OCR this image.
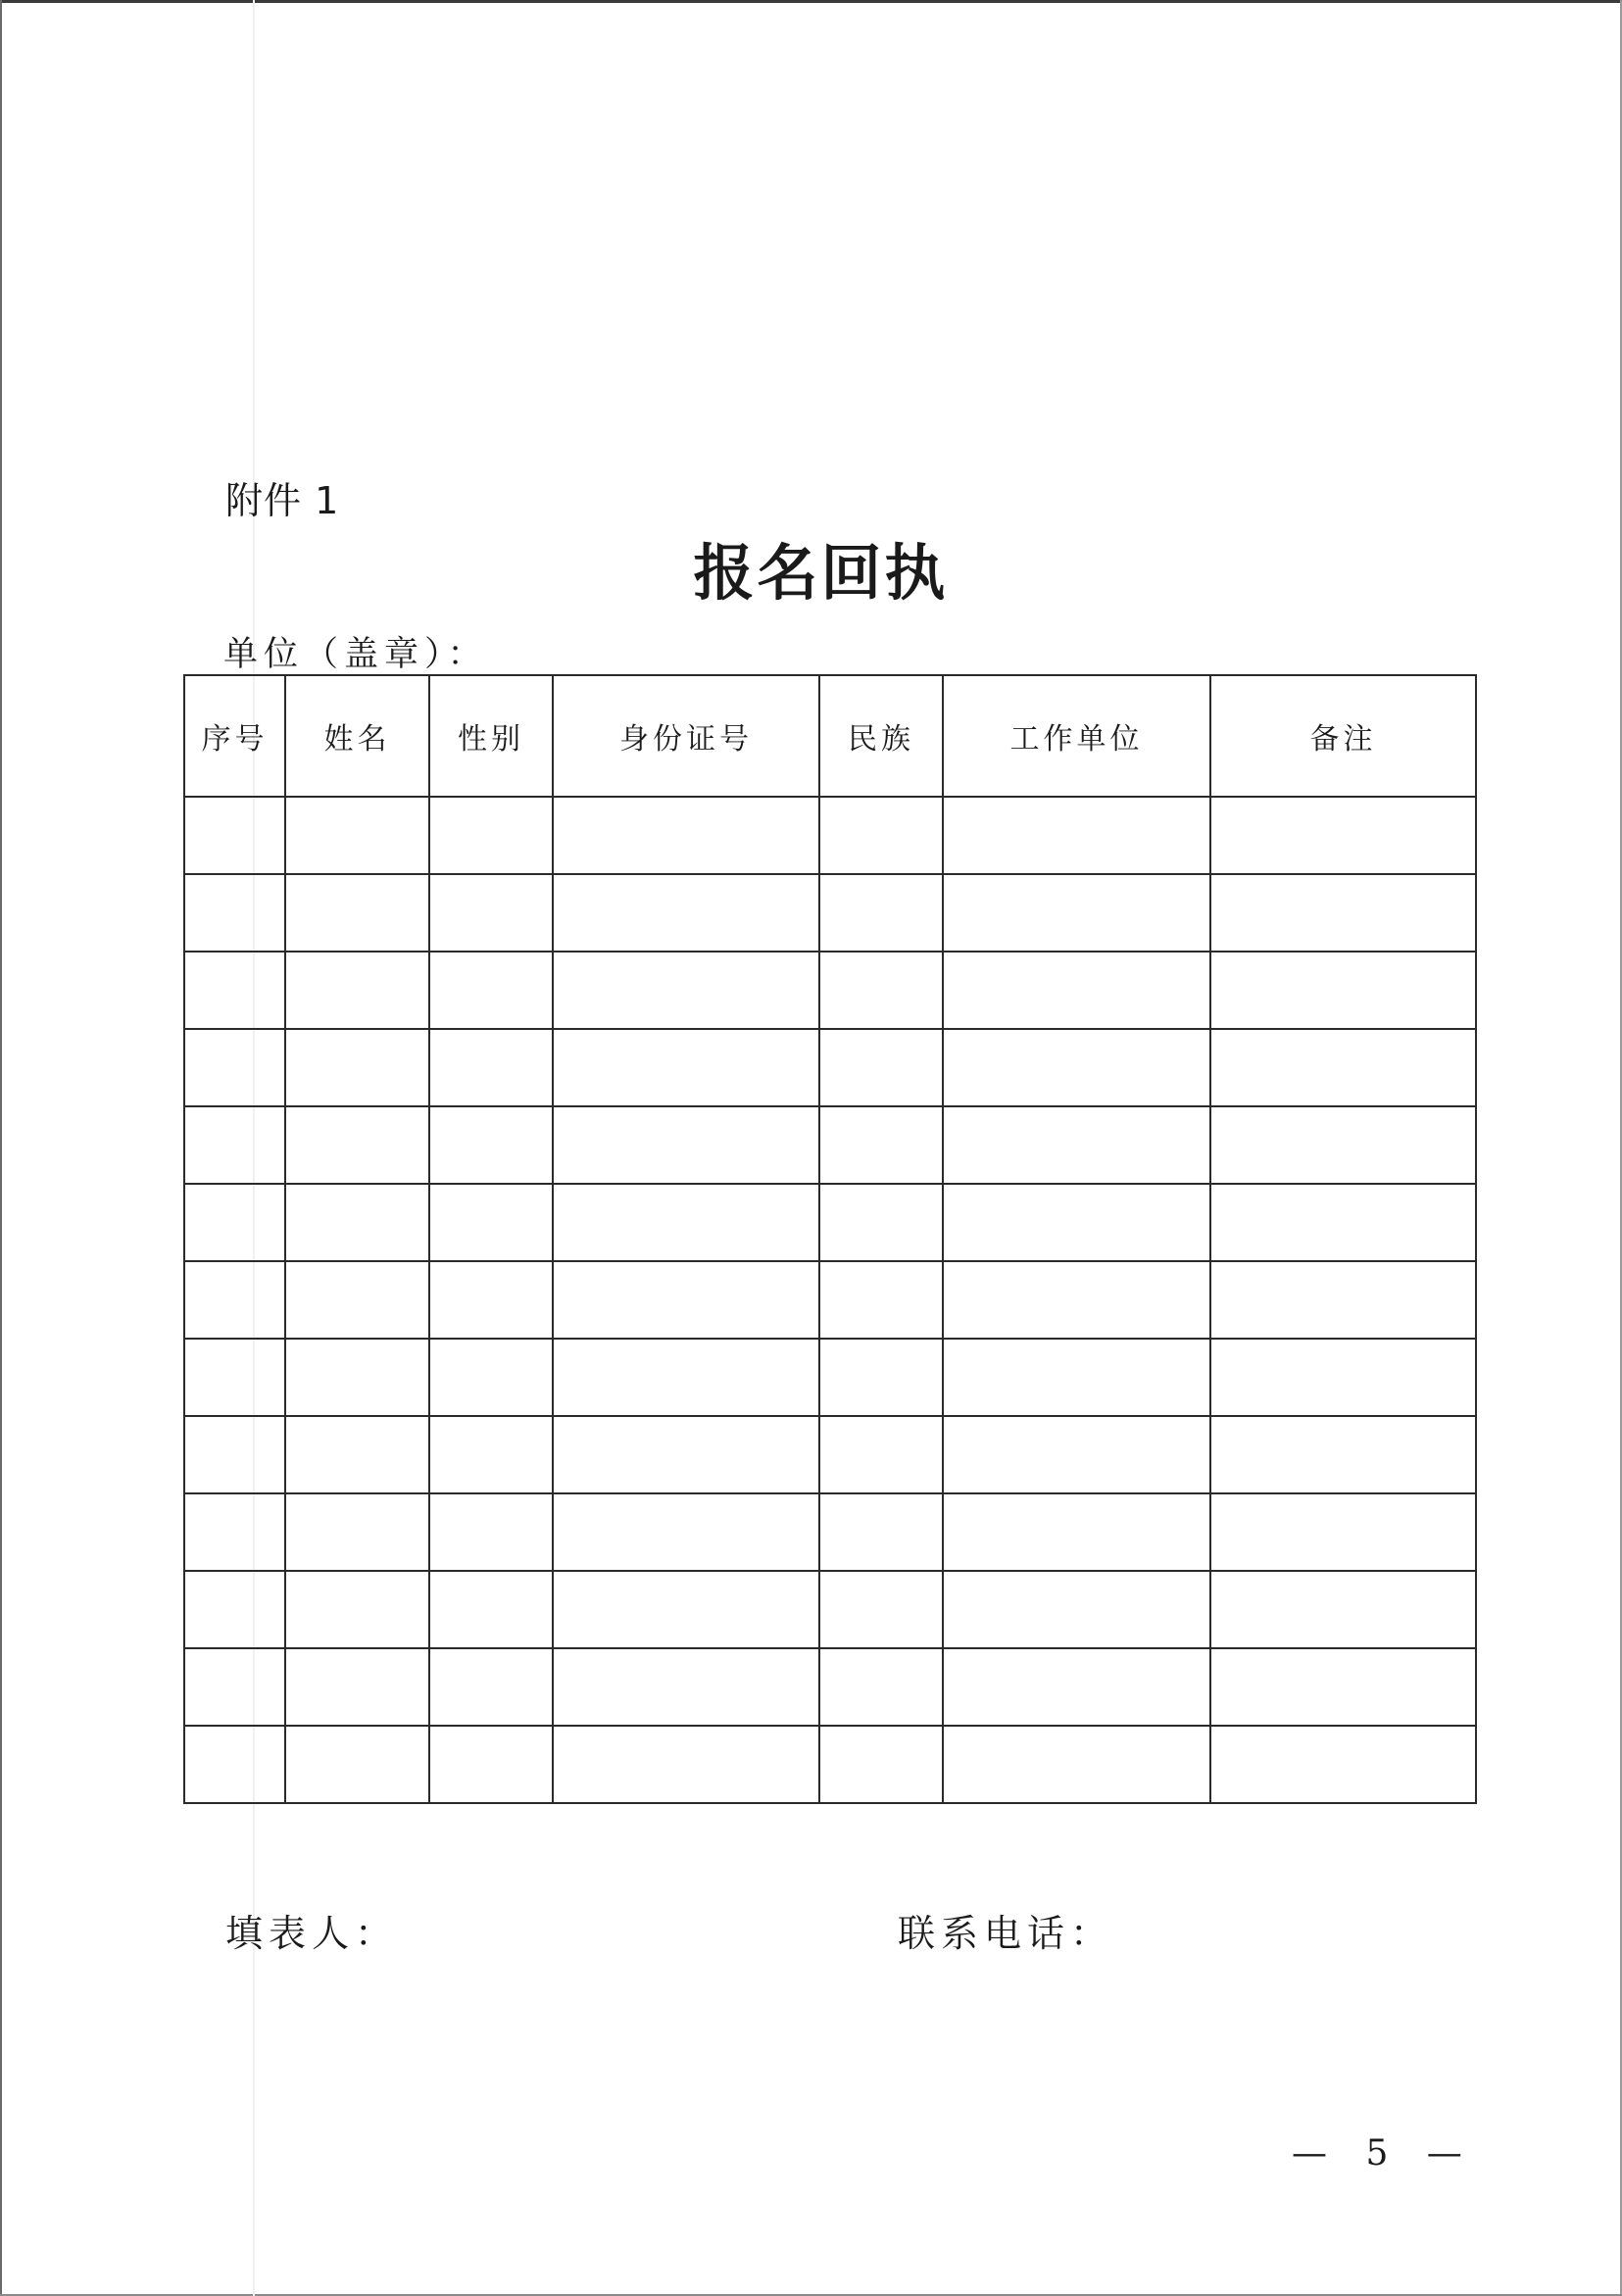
附件 1
报名回执
单位（盖章）：
序号	姓名	性别	身份证号	民族	工作单位	备注

填表人：	联系电话：
— 5 —
